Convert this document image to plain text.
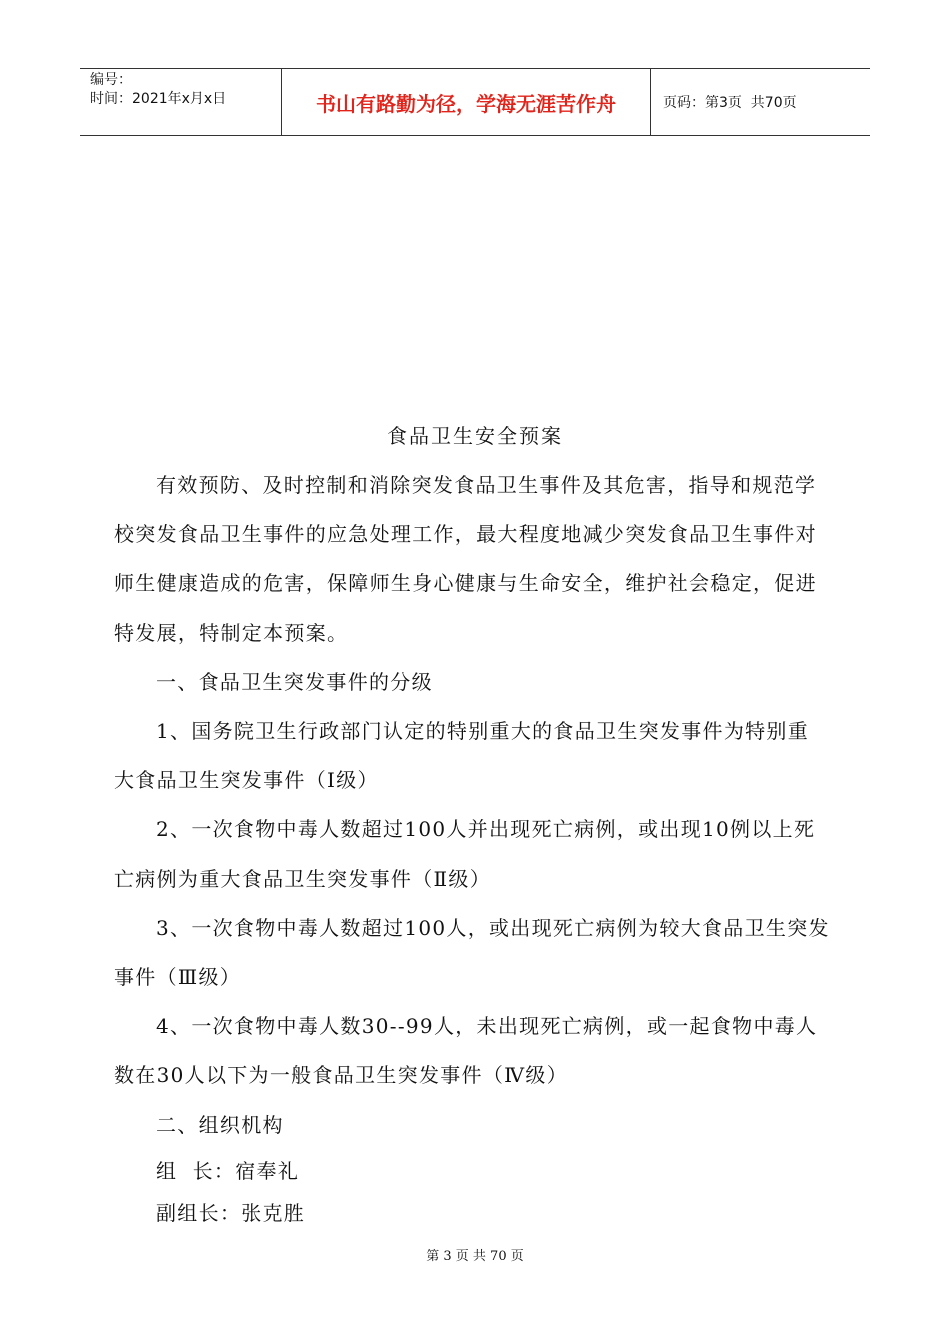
编号：
时间：2021年x月x日	书山有路勤为径，学海无涯苦作舟	页码：第3页  共70页
食品卫生安全预案

有效预防、及时控制和消除突发食品卫生事件及其危害，指导和规范学校突发食品卫生事件的应急处理工作，最大程度地减少突发食品卫生事件对师生健康造成的危害，保障师生身心健康与生命安全，维护社会稳定，促进特发展，特制定本预案。

一、食品卫生突发事件的分级

1、国务院卫生行政部门认定的特别重大的食品卫生突发事件为特别重大食品卫生突发事件（Ⅰ级）

2、一次食物中毒人数超过100人并出现死亡病例，或出现10例以上死亡病例为重大食品卫生突发事件（Ⅱ级）

3、一次食物中毒人数超过100人，或出现死亡病例为较大食品卫生突发事件（Ⅲ级）

4、一次食物中毒人数30--99人，未出现死亡病例，或一起食物中毒人数在30人以下为一般食品卫生突发事件（Ⅳ级）

二、组织机构

组  长：宿奉礼

副组长：张克胜

第 3 页 共 70 页
